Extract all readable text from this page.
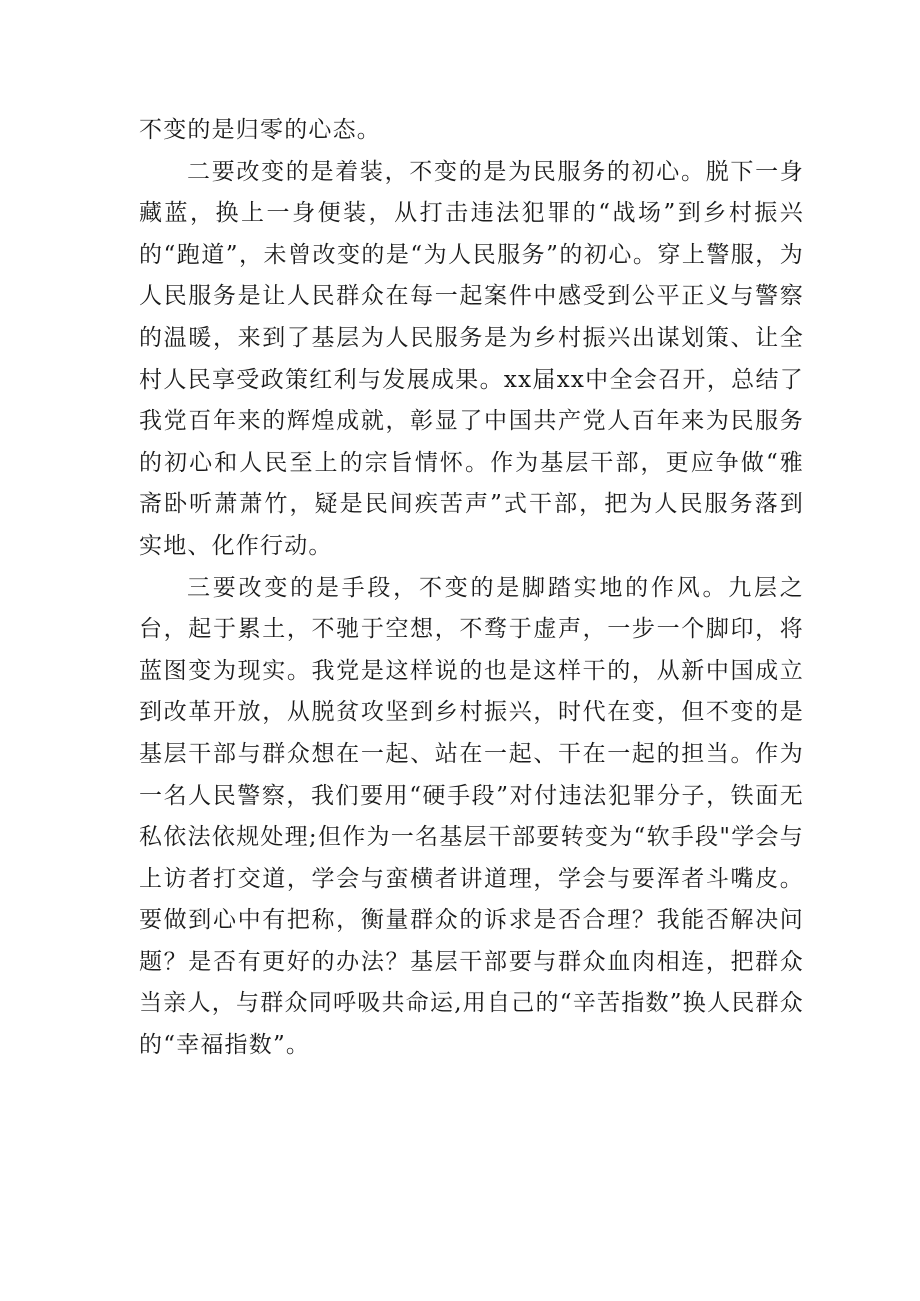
不变的是归零的心态。

二要改变的是着装，不变的是为民服务的初心。脱下一身藏蓝，换上一身便装，从打击违法犯罪的“战场”到乡村振兴的“跑道”，未曾改变的是“为人民服务”的初心。穿上警服，为人民服务是让人民群众在每一起案件中感受到公平正义与警察的温暖，来到了基层为人民服务是为乡村振兴出谋划策、让全村人民享受政策红利与发展成果。xx届xx中全会召开，总结了我党百年来的辉煌成就，彰显了中国共产党人百年来为民服务的初心和人民至上的宗旨情怀。作为基层干部，更应争做“雅斋卧听萧萧竹，疑是民间疾苦声”式干部，把为人民服务落到实地、化作行动。

三要改变的是手段，不变的是脚踏实地的作风。九层之台，起于累土，不驰于空想，不骛于虚声，一步一个脚印，将蓝图变为现实。我党是这样说的也是这样干的，从新中国成立到改革开放，从脱贫攻坚到乡村振兴，时代在变，但不变的是基层干部与群众想在一起、站在一起、干在一起的担当。作为一名人民警察，我们要用“硬手段”对付违法犯罪分子，铁面无私依法依规处理;但作为一名基层干部要转变为“软手段"学会与上访者打交道，学会与蛮横者讲道理，学会与要浑者斗嘴皮。要做到心中有把称，衡量群众的诉求是否合理？我能否解决问题？是否有更好的办法？基层干部要与群众血肉相连，把群众当亲人，与群众同呼吸共命运,用自己的“辛苦指数”换人民群众的“幸福指数”。
